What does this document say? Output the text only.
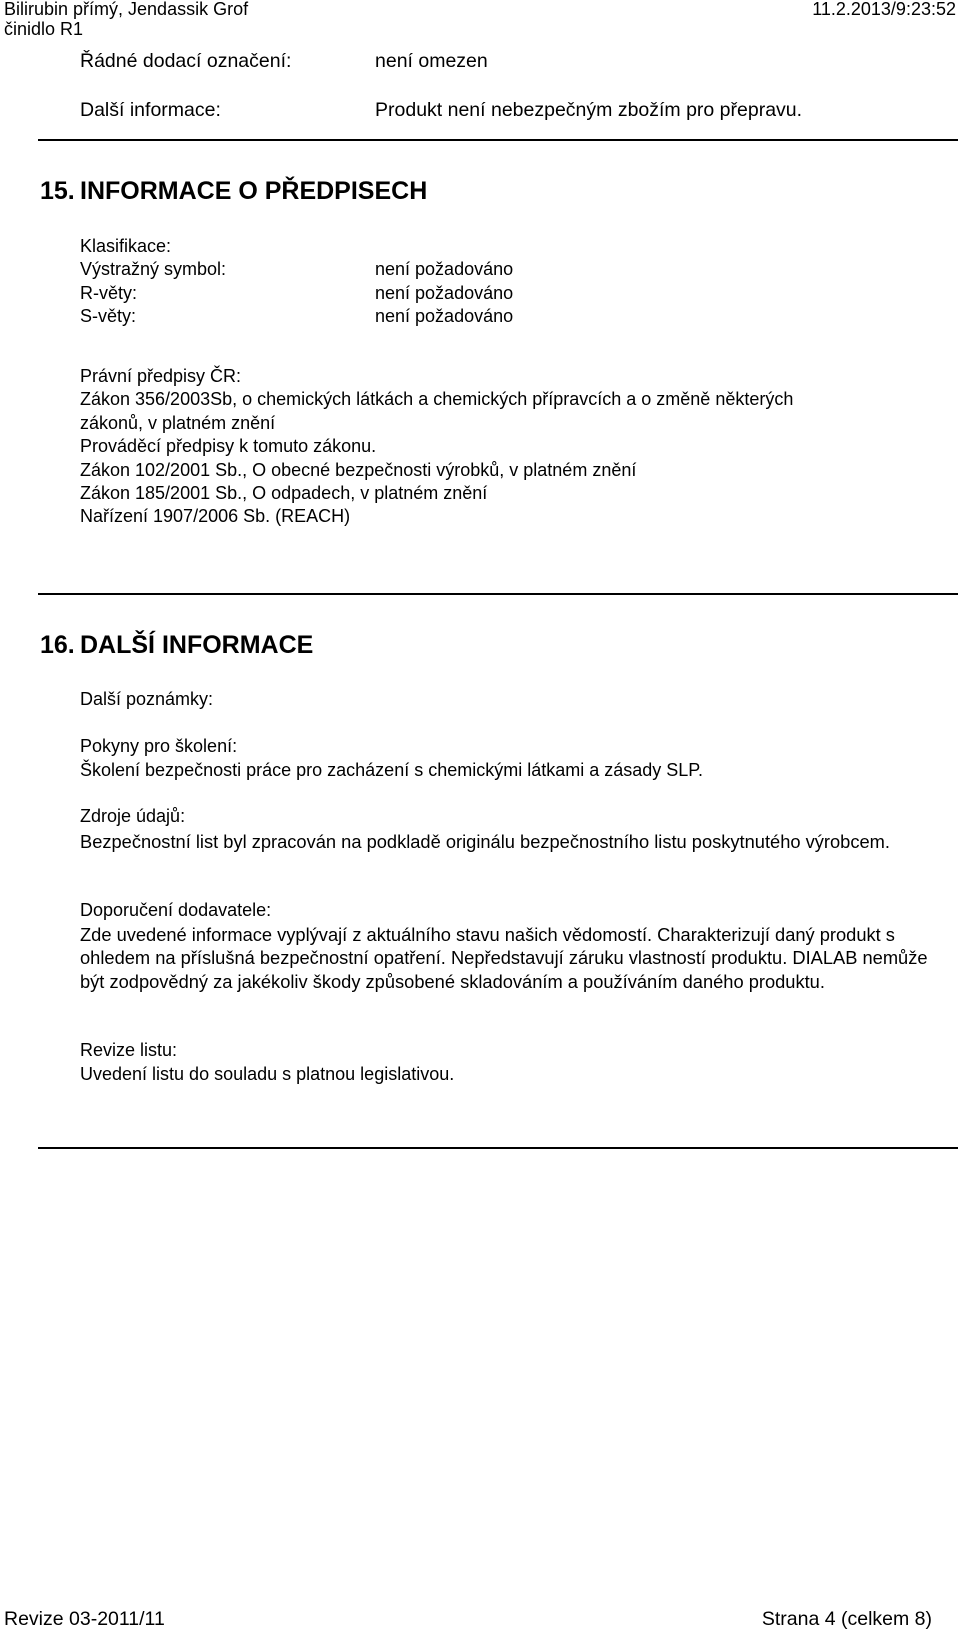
Bilirubin přímý, Jendassik Grof
činidlo R1
11.2.2013/9:23:52
Řádné dodací označení:	není omezen
Další informace:	Produkt není nebezpečným zbožím pro přepravu.
15. INFORMACE O PŘEDPISECH
Klasifikace:
Výstražný symbol:	není požadováno
R-věty:	není požadováno
S-věty:	není požadováno
Právní předpisy ČR:
Zákon 356/2003Sb, o chemických látkách a chemických přípravcích a o změně některých
zákonů, v platném znění
Prováděcí předpisy k tomuto zákonu.
Zákon 102/2001 Sb., O obecné bezpečnosti výrobků, v platném znění
Zákon 185/2001 Sb., O odpadech, v platném znění
Nařízení 1907/2006 Sb. (REACH)
16. DALŠÍ INFORMACE
Další poznámky:
Pokyny pro školení:
Školení bezpečnosti práce pro zacházení s chemickými látkami a zásady SLP.
Zdroje údajů:
Bezpečnostní list byl zpracován na podkladě originálu bezpečnostního listu poskytnutého výrobcem.
Doporučení dodavatele:
Zde uvedené informace vyplývají z aktuálního stavu našich vědomostí. Charakterizují daný produkt s ohledem na příslušná bezpečnostní opatření. Nepředstavují záruku vlastností produktu. DIALAB nemůže být zodpovědný za jakékoliv škody způsobené skladováním a používáním daného produktu.
Revize listu:
Uvedení listu do souladu s platnou legislativou.
Revize 03-2011/11	Strana 4 (celkem 8)
